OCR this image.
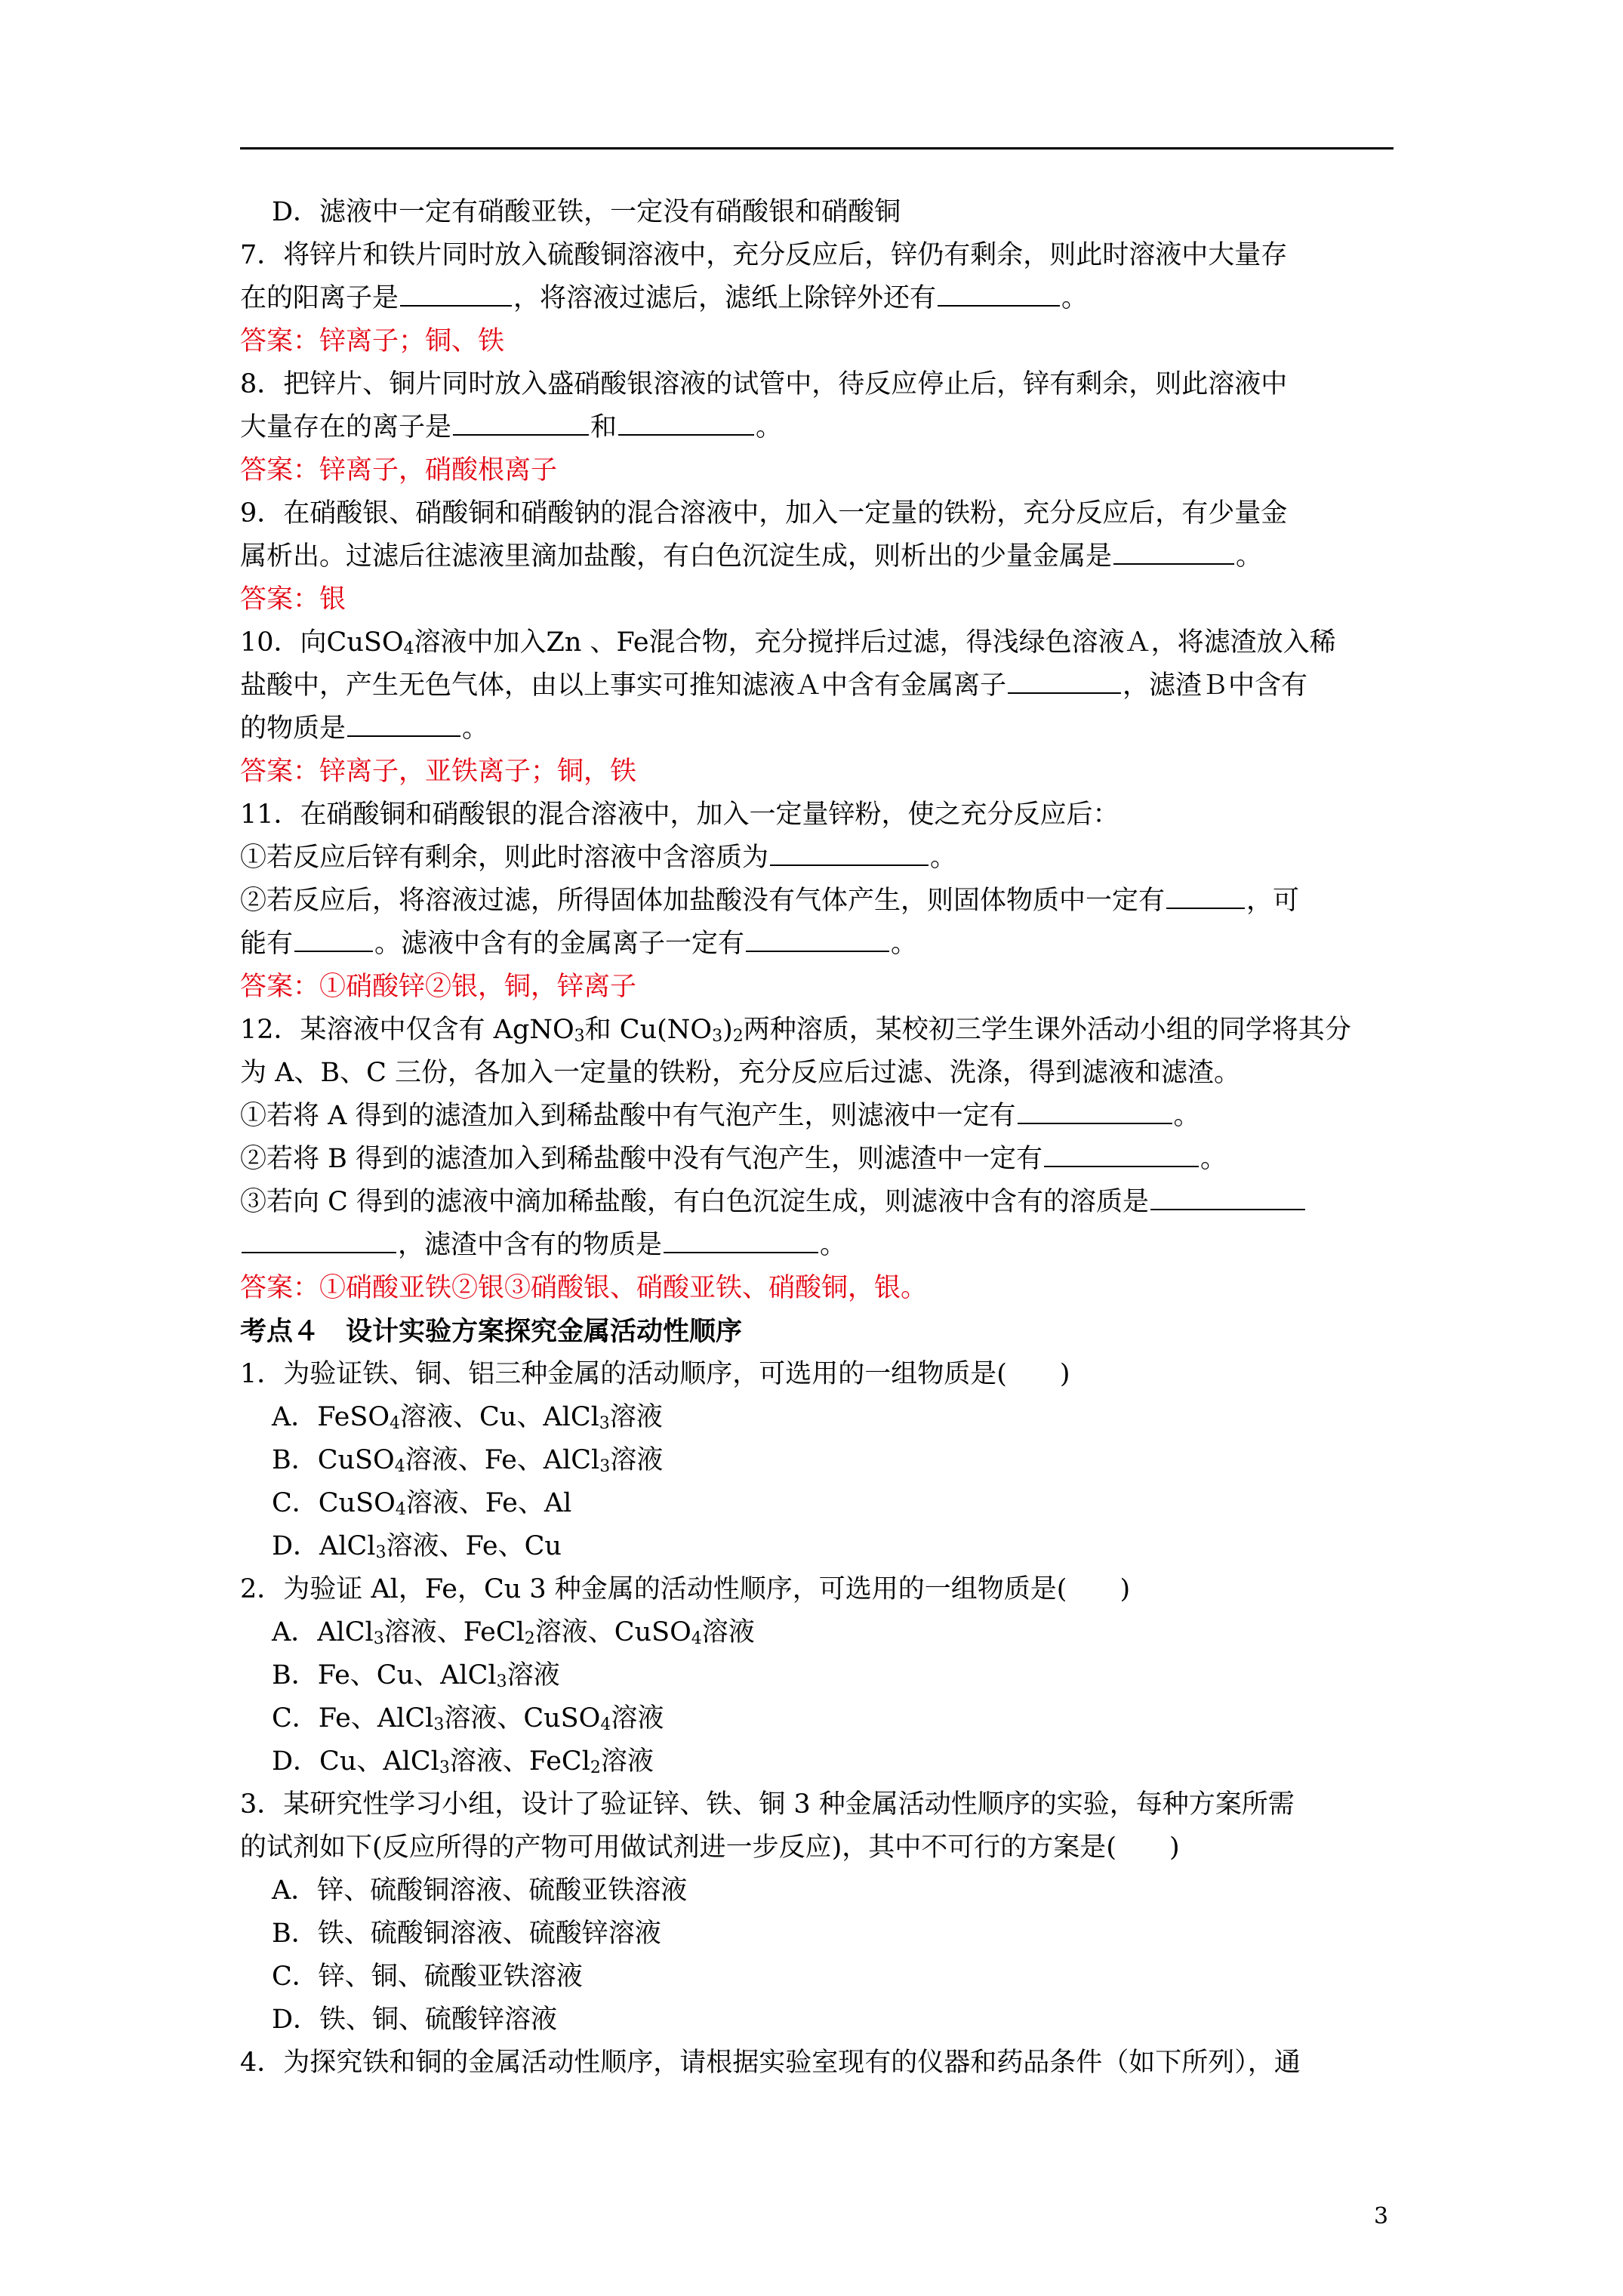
D．滤液中一定有硝酸亚铁，一定没有硝酸银和硝酸铜
7．将锌片和铁片同时放入硫酸铜溶液中，充分反应后，锌仍有剩余，则此时溶液中大量存
在的阳离子是	，将溶液过滤后，滤纸上除锌外还有	。
答案：锌离子；铜、铁
8．把锌片、铜片同时放入盛硝酸银溶液的试管中，待反应停止后，锌有剩余，则此溶液中
大量存在的离子是	和	。
答案：锌离子，硝酸根离子
9．在硝酸银、硝酸铜和硝酸钠的混合溶液中，加入一定量的铁粉，充分反应后，有少量金
属析出。过滤后往滤液里滴加盐酸，有白色沉淀生成，则析出的少量金属是	。
答案：银
10．向CuSO$_4$溶液中加入Zn 、Fe混合物，充分搅拌后过滤，得浅绿色溶液Ａ，将滤渣放入稀
盐酸中，产生无色气体，由以上事实可推知滤液Ａ中含有金属离子	，滤渣Ｂ中含有
的物质是	。
答案：锌离子，亚铁离子；铜，铁
11．在硝酸铜和硝酸银的混合溶液中，加入一定量锌粉，使之充分反应后：
①若反应后锌有剩余，则此时溶液中含溶质为	。
②若反应后，将溶液过滤，所得固体加盐酸没有气体产生，则固体物质中一定有	，可
能有	。滤液中含有的金属离子一定有	。
答案：①硝酸锌②银，铜，锌离子
12．某溶液中仅含有 AgNO$_3$和 $Cu(NO_3)_2$两种溶质，某校初三学生课外活动小组的同学将其分
为 A、B、C 三份，各加入一定量的铁粉，充分反应后过滤、洗涤，得到滤液和滤渣。
①若将 A 得到的滤渣加入到稀盐酸中有气泡产生，则滤液中一定有	。
②若将 B 得到的滤渣加入到稀盐酸中没有气泡产生，则滤渣中一定有	。
③若向 C 得到的滤液中滴加稀盐酸，有白色沉淀生成，则滤液中含有的溶质是
，滤渣中含有的物质是	。
答案：①硝酸亚铁②银③硝酸银、硝酸亚铁、硝酸铜，银。
考点４　设计实验方案探究金属活动性顺序
1．为验证铁、铜、铝三种金属的活动顺序，可选用的一组物质是(　　)
A．FeSO$_4$溶液、Cu、AlCl$_3$溶液
B．CuSO$_4$溶液、Fe、AlCl$_3$溶液
C．CuSO$_4$溶液、Fe、Al
D．AlCl$_3$溶液、Fe、Cu
2．为验证 Al，Fe，Cu 3 种金属的活动性顺序，可选用的一组物质是(　　)
A．AlCl$_3$溶液、FeCl$_2$溶液、CuSO$_4$溶液
B．Fe、Cu、AlCl$_3$溶液
C．Fe、AlCl$_3$溶液、CuSO$_4$溶液
D．Cu、AlCl$_3$溶液、FeCl$_2$溶液
3．某研究性学习小组，设计了验证锌、铁、铜 3 种金属活动性顺序的实验，每种方案所需
的试剂如下(反应所得的产物可用做试剂进一步反应)，其中不可行的方案是(　　)
A．锌、硫酸铜溶液、硫酸亚铁溶液
B．铁、硫酸铜溶液、硫酸锌溶液
C．锌、铜、硫酸亚铁溶液
D．铁、铜、硫酸锌溶液
4．为探究铁和铜的金属活动性顺序，请根据实验室现有的仪器和药品条件（如下所列），通
3
